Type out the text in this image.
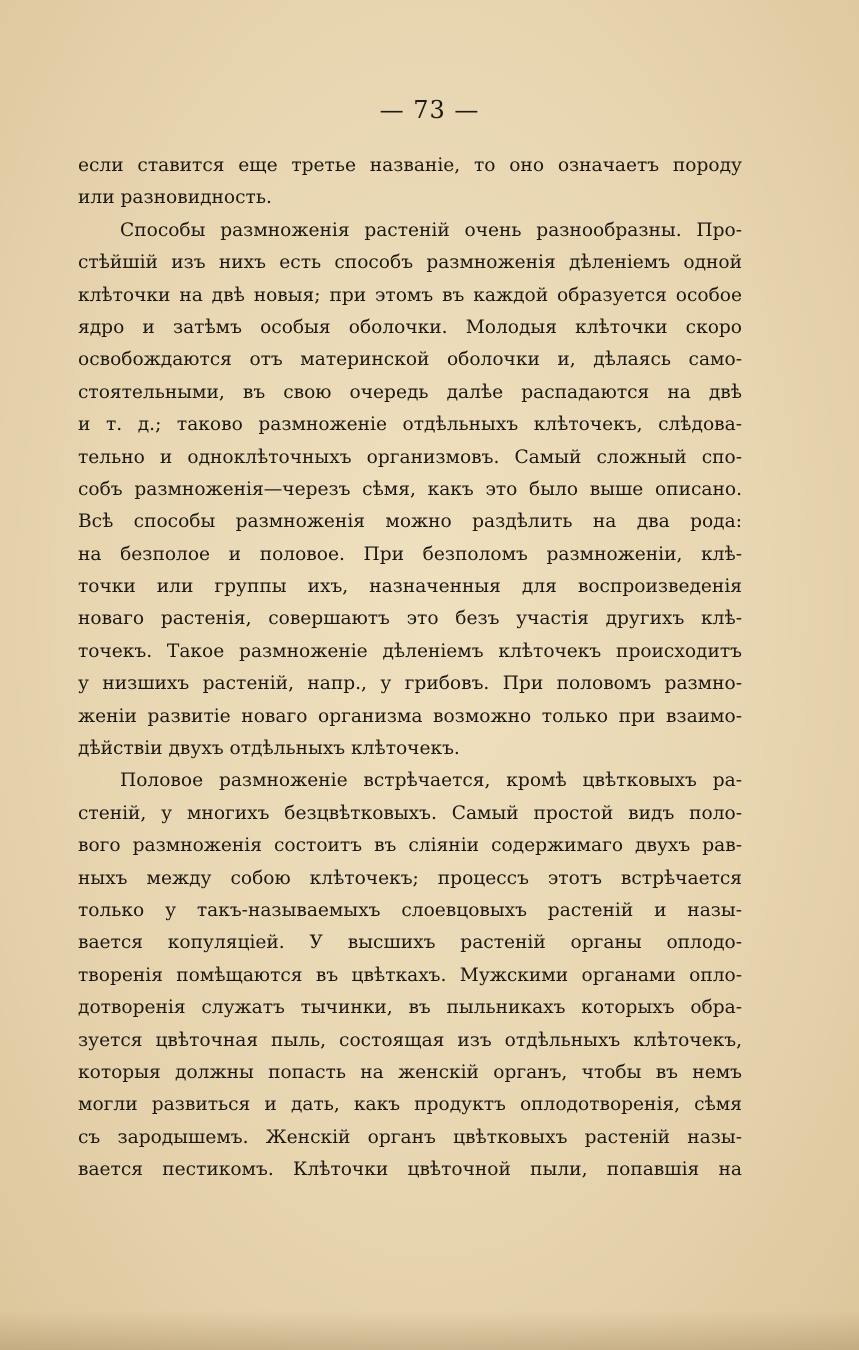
— 73 —
если ставится еще третье названіе, то оно означаетъ породу
или разновидность.
Способы размноженія растеній очень разнообразны. Про-
стѣйшій изъ нихъ есть способъ размноженія дѣленіемъ одной
клѣточки на двѣ новыя; при этомъ въ каждой образуется особое
ядро и затѣмъ особыя оболочки. Молодыя клѣточки скоро
освобождаются отъ материнской оболочки и, дѣлаясь само-
стоятельными, въ свою очередь далѣе распадаются на двѣ
и т. д.; таково размноженіе отдѣльныхъ клѣточекъ, слѣдова-
тельно и одноклѣточныхъ организмовъ. Самый сложный спо-
собъ размноженія—черезъ сѣмя, какъ это было выше описано.
Всѣ способы размноженія можно раздѣлить на два рода:
на безполое и половое. При безполомъ размноженіи, клѣ-
точки или группы ихъ, назначенныя для воспроизведенія
новаго растенія, совершаютъ это безъ участія другихъ клѣ-
точекъ. Такое размноженіе дѣленіемъ клѣточекъ происходитъ
у низшихъ растеній, напр., у грибовъ. При половомъ размно-
женіи развитіе новаго организма возможно только при взаимо-
дѣйствіи двухъ отдѣльныхъ клѣточекъ.
Половое размноженіе встрѣчается, кромѣ цвѣтковыхъ ра-
стеній, у многихъ безцвѣтковыхъ. Самый простой видъ поло-
вого размноженія состоитъ въ сліяніи содержимаго двухъ рав-
ныхъ между собою клѣточекъ; процессъ этотъ встрѣчается
только у такъ-называемыхъ слоевцовыхъ растеній и назы-
вается копуляціей. У высшихъ растеній органы оплодо-
творенія помѣщаются въ цвѣткахъ. Мужскими органами опло-
дотворенія служатъ тычинки, въ пыльникахъ которыхъ обра-
зуется цвѣточная пыль, состоящая изъ отдѣльныхъ клѣточекъ,
которыя должны попасть на женскій органъ, чтобы въ немъ
могли развиться и дать, какъ продуктъ оплодотворенія, сѣмя
съ зародышемъ. Женскій органъ цвѣтковыхъ растеній назы-
вается пестикомъ. Клѣточки цвѣточной пыли, попавшія на
